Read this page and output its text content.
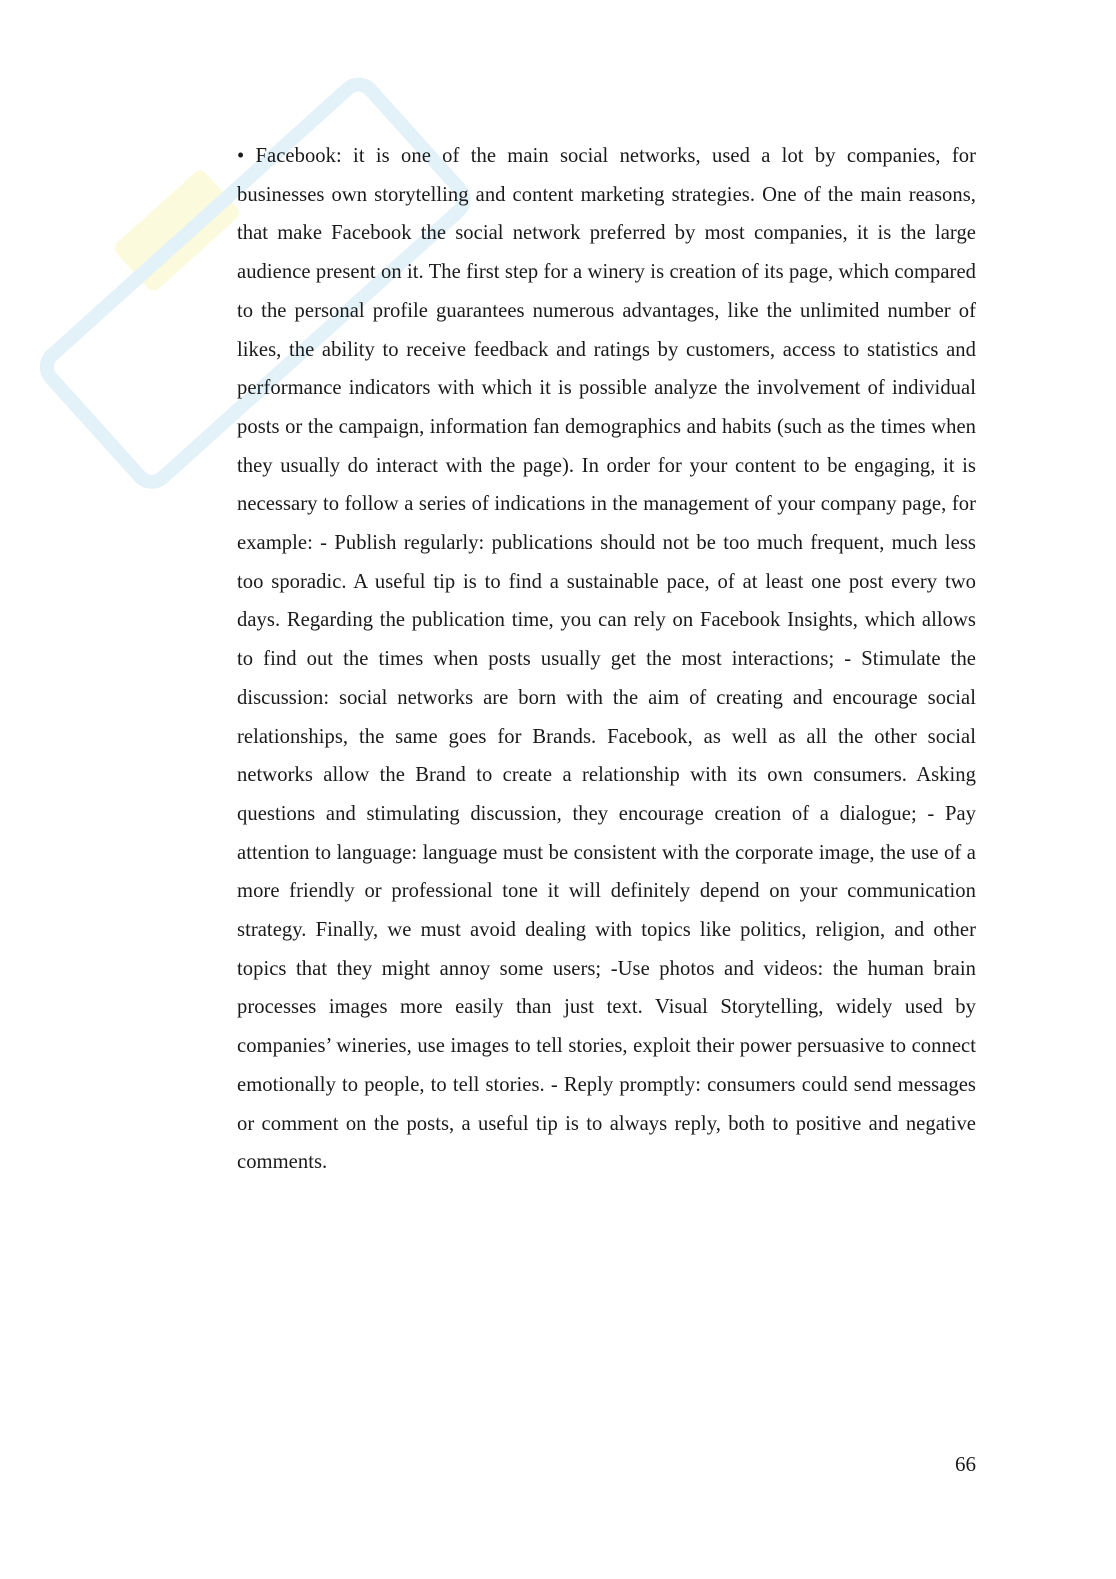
• Facebook: it is one of the main social networks, used a lot by companies, for businesses own storytelling and content marketing strategies. One of the main reasons, that make Facebook the social network preferred by most companies, it is the large audience present on it. The first step for a winery is creation of its page, which compared to the personal profile guarantees numerous advantages, like the unlimited number of likes, the ability to receive feedback and ratings by customers, access to statistics and performance indicators with which it is possible analyze the involvement of individual posts or the campaign, information fan demographics and habits (such as the times when they usually do interact with the page). In order for your content to be engaging, it is necessary to follow a series of indications in the management of your company page, for example: - Publish regularly: publications should not be too much frequent, much less too sporadic. A useful tip is to find a sustainable pace, of at least one post every two days. Regarding the publication time, you can rely on Facebook Insights, which allows to find out the times when posts usually get the most interactions; - Stimulate the discussion: social networks are born with the aim of creating and encourage social relationships, the same goes for Brands. Facebook, as well as all the other social networks allow the Brand to create a relationship with its own consumers. Asking questions and stimulating discussion, they encourage creation of a dialogue; - Pay attention to language: language must be consistent with the corporate image, the use of a more friendly or professional tone it will definitely depend on your communication strategy. Finally, we must avoid dealing with topics like politics, religion, and other topics that they might annoy some users; -Use photos and videos: the human brain processes images more easily than just text. Visual Storytelling, widely used by companies’ wineries, use images to tell stories, exploit their power persuasive to connect emotionally to people, to tell stories. - Reply promptly: consumers could send messages or comment on the posts, a useful tip is to always reply, both to positive and negative comments.

66
